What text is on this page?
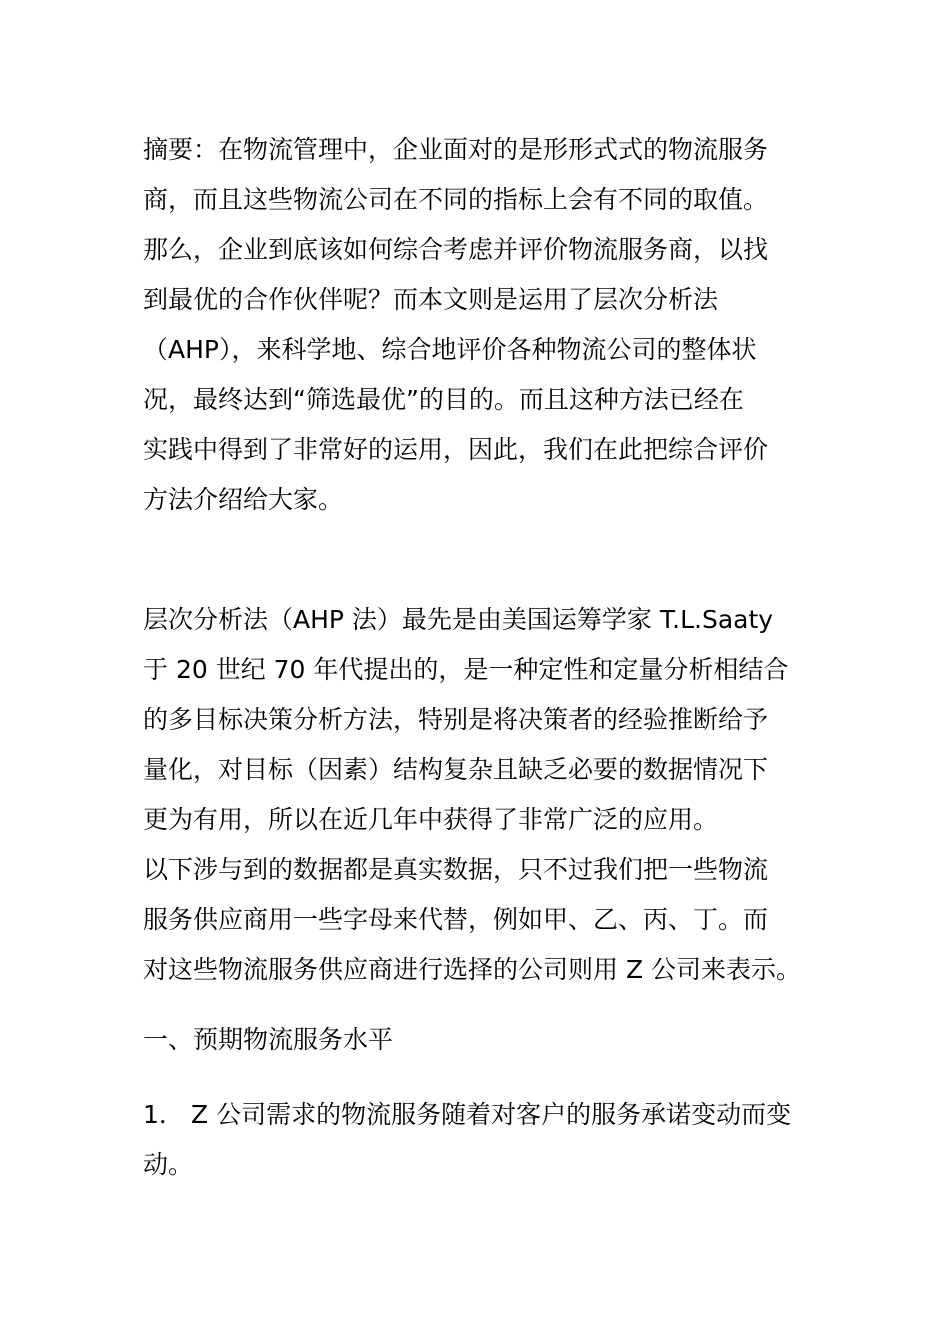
摘要：在物流管理中，企业面对的是形形式式的物流服务
商，而且这些物流公司在不同的指标上会有不同的取值。
那么，企业到底该如何综合考虑并评价物流服务商，以找
到最优的合作伙伴呢？而本文则是运用了层次分析法
（AHP），来科学地、综合地评价各种物流公司的整体状
况，最终达到“筛选最优”的目的。而且这种方法已经在
实践中得到了非常好的运用，因此，我们在此把综合评价
方法介绍给大家。
层次分析法（AHP 法）最先是由美国运筹学家 T.L.Saaty
于 20 世纪 70 年代提出的，是一种定性和定量分析相结合
的多目标决策分析方法，特别是将决策者的经验推断给予
量化，对目标（因素）结构复杂且缺乏必要的数据情况下
更为有用，所以在近几年中获得了非常广泛的应用。
以下涉与到的数据都是真实数据，只不过我们把一些物流
服务供应商用一些字母来代替，例如甲、乙、丙、丁。而
对这些物流服务供应商进行选择的公司则用 Z 公司来表示。
一、预期物流服务水平
1． Z 公司需求的物流服务随着对客户的服务承诺变动而变
动。
